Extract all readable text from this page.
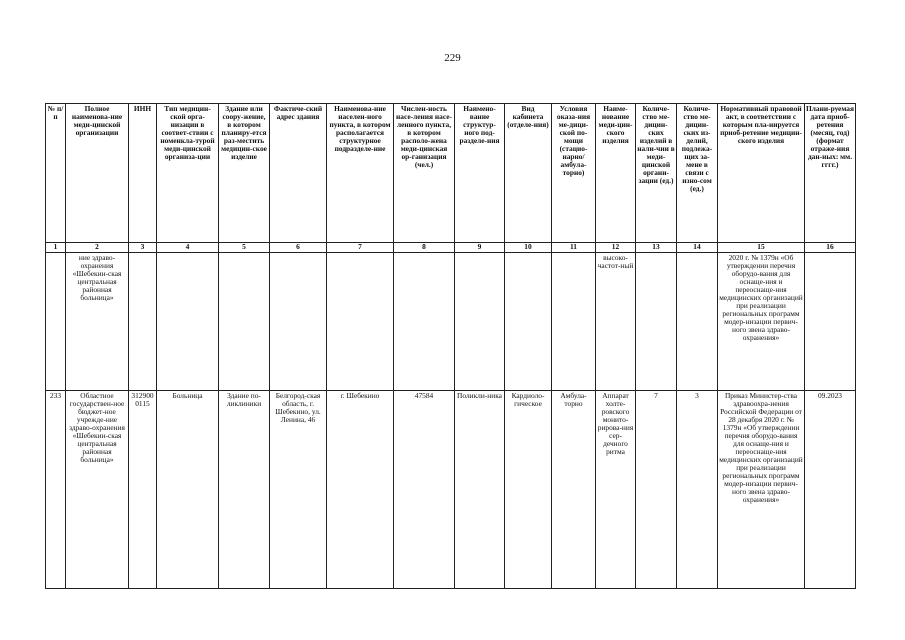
229
№ п/п	Полное наименова-ние меди-цинской организации	ИНН	Тип медицин-ской орга-низации в соответ-ствии с номенкла-турой меди-цинской организа-ции	Здание или соору-жение, в котором планиру-ется раз-местить медицин-ское изделие	Фактиче-ский адрес здания	Наименова-ние населен-ного пункта, в котором располагается структурное подразделе-ние	Числен-ность насе-ления насе-ленного пункта, в котором располо-жена меди-цинская ор-ганизация (чел.)	Наимено-вание структур-ного под-разделе-ния	Вид кабинета (отделе-ния)	Условия оказа-ния ме-дици-ской по-мощи (стацио-нарно/ амбула-торно)	Наиме-нование меди-цин-ского изделия	Количе-ство ме-дицин-ских изделий в нали-чии в меди-цинской органи-зации (ед.)	Количе-ство ме-дицин-ских из-делий, подлежа-щих за-мене в связи с изно-сом (ед.)	Нормативный правовой акт, в соответствии с которым пла-нируется приоб-ретение медицин-ского изделия	Плани-руемая дата приоб-ретения (месяц, год) (формат отраже-ния дан-ных: мм. гггг.)
1	2	3	4	5	6	7	8	9	10	11	12	13	14	15	16
	ние здраво-охранения «Шебекин-ская центральная районная больница»										высоко-частот-ный			2020 г. № 1379н «Об утверждении перечня оборудо-вания для оснаще-ния и переоснаще-ния медицинских организаций при реализации региональных программ модер-низации первич-ного звена здраво-охранения»	
233	Областное государствен-ное бюджет-ное учрежде-ние здраво-охранения «Шебекин-ская центральная районная больница»	312900 0115	Больница	Здание по-ликлиники	Белгород-ская область, г. Шебекино, ул. Ленина, 46	г. Шебекино	47584	Поликли-ника	Кардиоло-гическое	Амбула-торно	Аппарат холте-ровского монито-рирова-ния сер-дечного ритма	7	3	Приказ Министер-ства здравоохра-нения Российской Федерации от 28 декабря 2020 г. № 1379н «Об утверждении перечня оборудо-вания для оснаще-ния и переоснаще-ния медицинских организаций при реализации региональных программ модер-низации первич-ного звена здраво-охранения»	09.2023
